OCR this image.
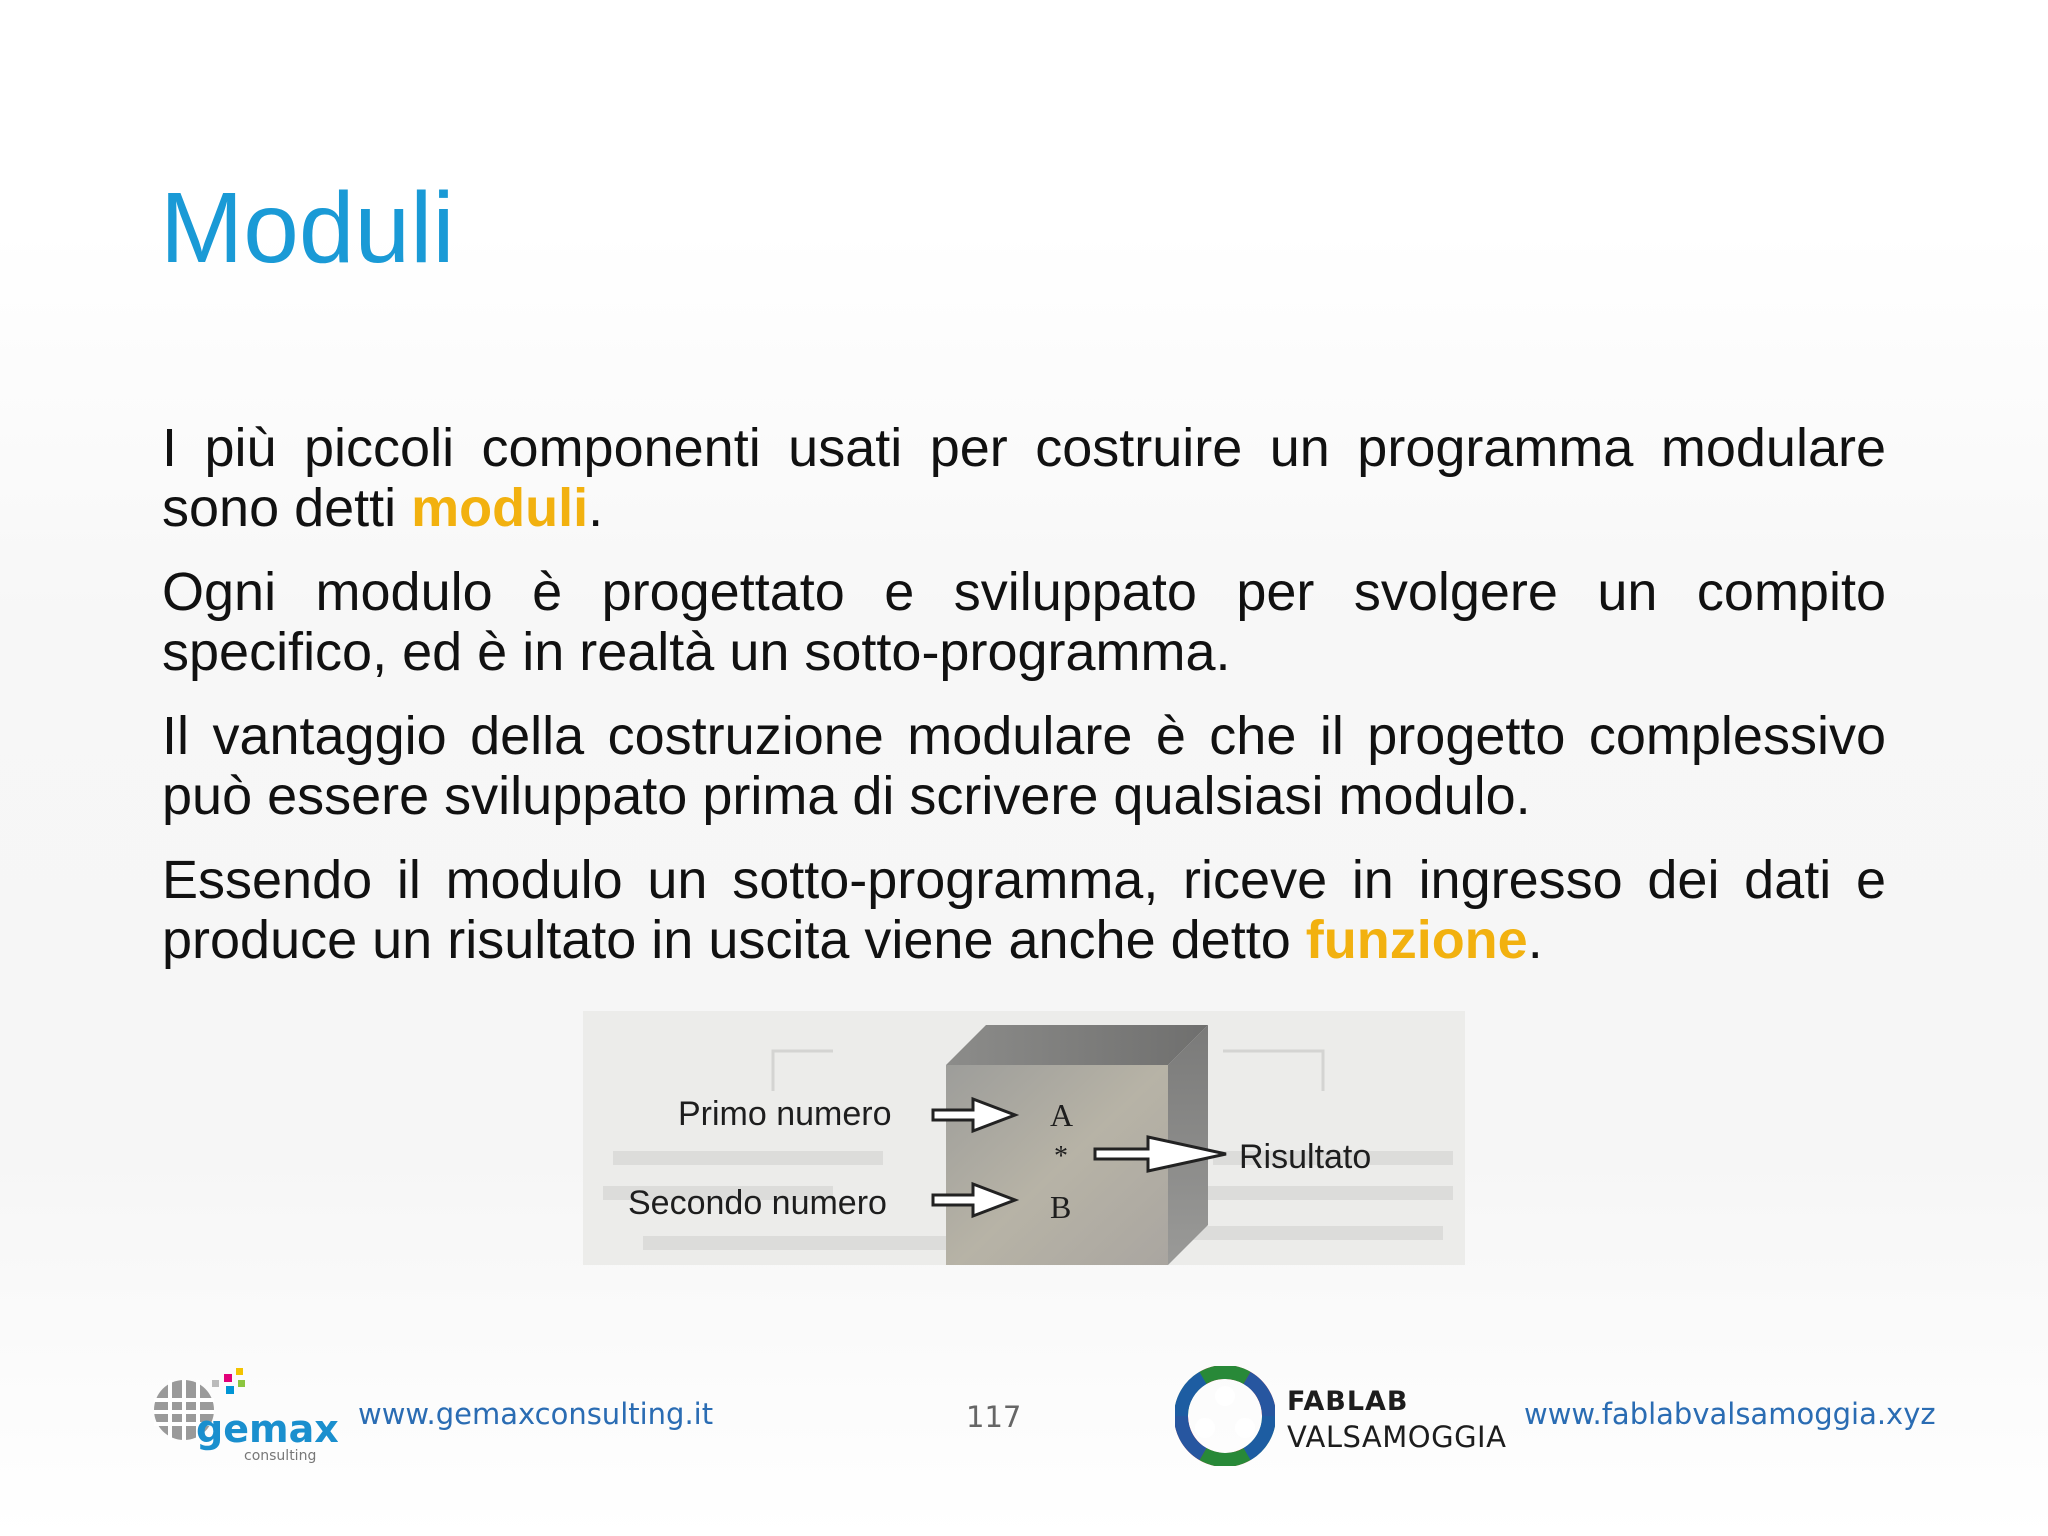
Moduli

I più piccoli componenti usati per costruire un programma modulare sono detti moduli.

Ogni modulo è progettato e sviluppato per svolgere un compito specifico, ed è in realtà un sotto-programma.

Il vantaggio della costruzione modulare è che il progetto complessivo può essere sviluppato prima di scrivere qualsiasi modulo.

Essendo il modulo un sotto-programma, riceve in ingresso dei dati e produce un risultato in uscita viene anche detto funzione.

Primo numero
Secondo numero
Risultato
A
*
B
gemax
consulting
www.gemaxconsulting.it	117	FABLAB
VALSAMOGGIA
www.fablabvalsamoggia.xyz
